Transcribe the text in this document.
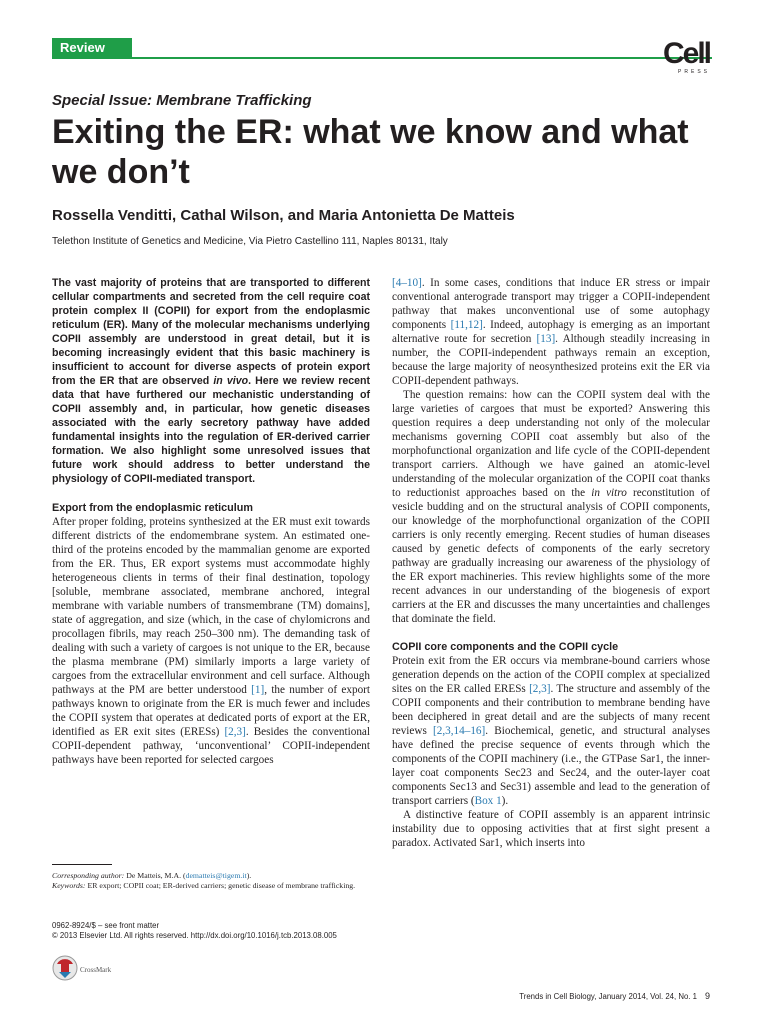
Review	Cell
PRESS
Special Issue: Membrane Trafficking
Exiting the ER: what we know and what we don’t
Rossella Venditti, Cathal Wilson, and Maria Antonietta De Matteis
Telethon Institute of Genetics and Medicine, Via Pietro Castellino 111, Naples 80131, Italy

The vast majority of proteins that are transported to different cellular compartments and secreted from the cell require coat protein complex II (COPII) for export from the endoplasmic reticulum (ER). Many of the molecular mechanisms underlying COPII assembly are understood in great detail, but it is becoming increasingly evident that this basic machinery is insufficient to account for diverse aspects of protein export from the ER that are observed in vivo. Here we review recent data that have furthered our mechanistic understanding of COPII assembly and, in particular, how genetic diseases associated with the early secretory pathway have added fundamental insights into the regulation of ER-derived carrier formation. We also highlight some unresolved issues that future work should address to better understand the physiology of COPII-mediated transport.

Export from the endoplasmic reticulum

After proper folding, proteins synthesized at the ER must exit towards different districts of the endomembrane system. An estimated one-third of the proteins encoded by the mammalian genome are exported from the ER. Thus, ER export systems must accommodate highly heterogeneous clients in terms of their final destination, topology [soluble, membrane associated, membrane anchored, integral membrane with variable numbers of transmembrane (TM) domains], state of aggregation, and size (which, in the case of chylomicrons and procollagen fibrils, may reach 250–300 nm). The demanding task of dealing with such a variety of cargoes is not unique to the ER, because the plasma membrane (PM) similarly imports a large variety of cargoes from the extracellular environment and cell surface. Although pathways at the PM are better understood [1], the number of export pathways known to originate from the ER is much fewer and includes the COPII system that operates at dedicated ports of export at the ER, identified as ER exit sites (ERESs) [2,3]. Besides the conventional COPII-dependent pathway, ‘unconventional’ COPII-independent pathways have been reported for selected cargoes

[4–10]. In some cases, conditions that induce ER stress or impair conventional anterograde transport may trigger a COPII-independent pathway that makes unconventional use of some autophagy components [11,12]. Indeed, autophagy is emerging as an important alternative route for secretion [13]. Although steadily increasing in number, the COPII-independent pathways remain an exception, because the large majority of neosynthesized proteins exit the ER via COPII-dependent pathways.

The question remains: how can the COPII system deal with the large varieties of cargoes that must be exported? Answering this question requires a deep understanding not only of the molecular mechanisms governing COPII coat assembly but also of the morphofunctional organization and life cycle of the COPII-dependent transport carriers. Although we have gained an atomic-level understanding of the molecular organization of the COPII coat thanks to reductionist approaches based on the in vitro reconstitution of vesicle budding and on the structural analysis of COPII components, our knowledge of the morphofunctional organization of the COPII carriers is only recently emerging. Recent studies of human diseases caused by genetic defects of components of the early secretory pathway are gradually increasing our awareness of the physiology of the ER export machineries. This review highlights some of the more recent advances in our understanding of the biogenesis of export carriers at the ER and discusses the many uncertainties and challenges that dominate the field.

COPII core components and the COPII cycle

Protein exit from the ER occurs via membrane-bound carriers whose generation depends on the action of the COPII complex at specialized sites on the ER called ERESs [2,3]. The structure and assembly of the COPII components and their contribution to membrane bending have been deciphered in great detail and are the subjects of many recent reviews [2,3,14–16]. Biochemical, genetic, and structural analyses have defined the precise sequence of events through which the components of the COPII machinery (i.e., the GTPase Sar1, the inner-layer coat components Sec23 and Sec24, and the outer-layer coat components Sec13 and Sec31) assemble and lead to the generation of transport carriers (Box 1).

A distinctive feature of COPII assembly is an apparent intrinsic instability due to opposing activities that at first sight present a paradox. Activated Sar1, which inserts into

Corresponding author: De Matteis, M.A. (dematteis@tigem.it).
Keywords: ER export; COPII coat; ER-derived carriers; genetic disease of membrane trafficking.
0962-8924/$ – see front matter
© 2013 Elsevier Ltd. All rights reserved. http://dx.doi.org/10.1016/j.tcb.2013.08.005
CrossMark
Trends in Cell Biology, January 2014, Vol. 24, No. 1 9
